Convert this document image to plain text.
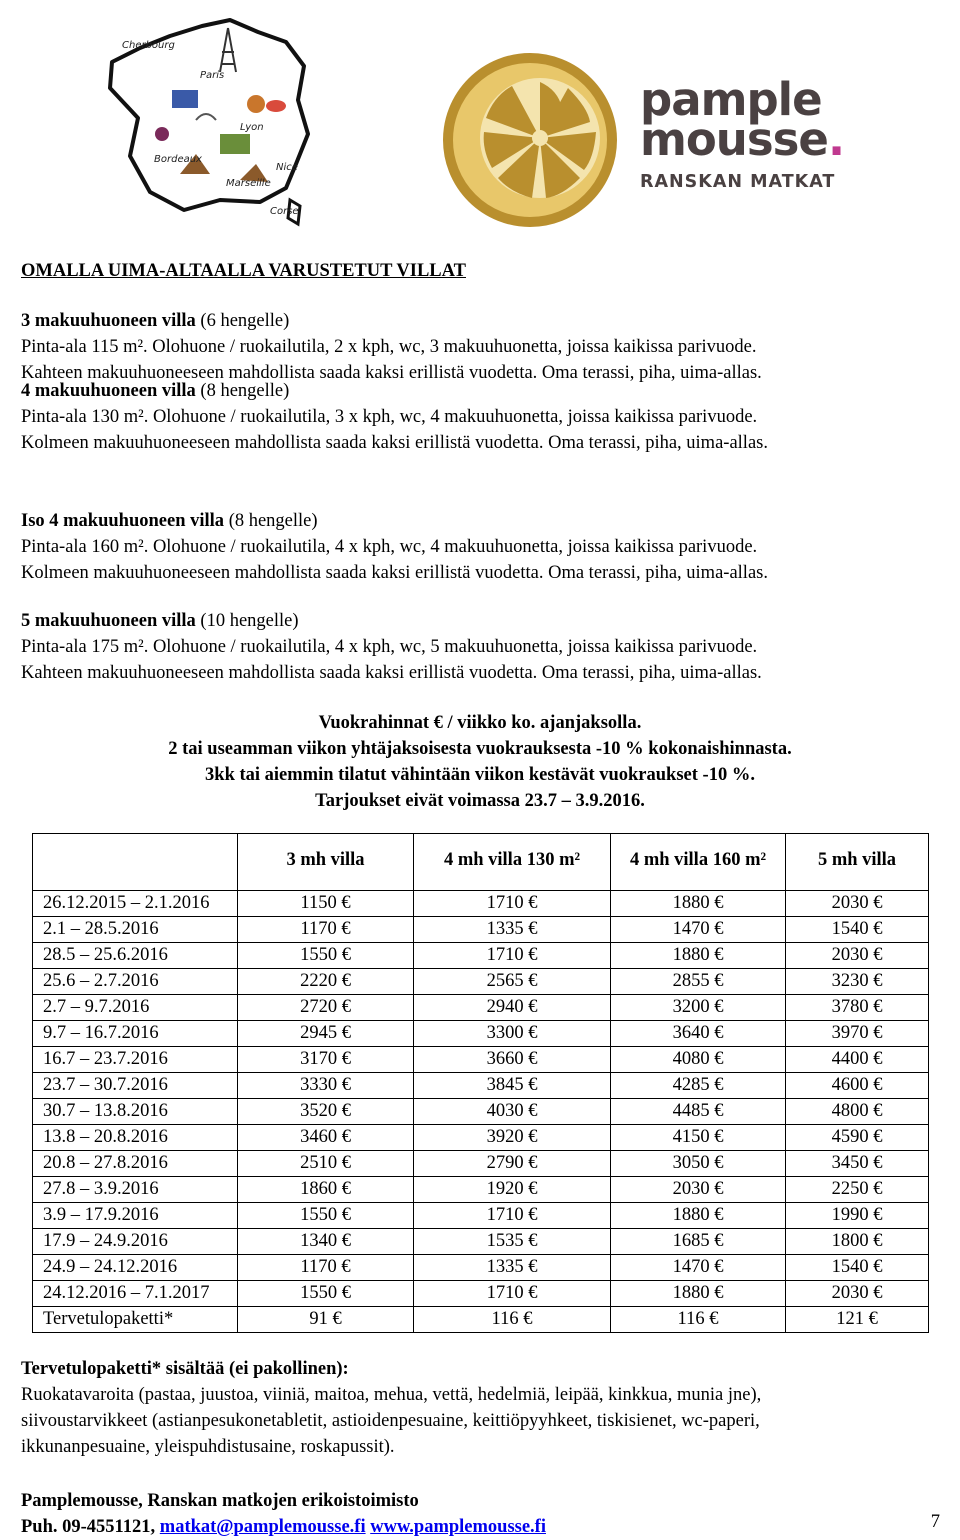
Cherbourg
Paris
Lyon
Bordeaux
Nice
Marseille
Corse
pample
mousse.
RANSKAN MATKAT
OMALLA UIMA-ALTAALLA VARUSTETUT VILLAT
3 makuuhuoneen villa (6 hengelle)
Pinta-ala 115 m². Olohuone / ruokailutila, 2 x kph, wc, 3 makuuhuonetta, joissa kaikissa parivuode.
Kahteen makuuhuoneeseen mahdollista saada kaksi erillistä vuodetta. Oma terassi, piha, uima-allas.
4 makuuhuoneen villa (8 hengelle)
Pinta-ala 130 m². Olohuone / ruokailutila, 3 x kph, wc, 4 makuuhuonetta, joissa kaikissa parivuode.
Kolmeen makuuhuoneeseen mahdollista saada kaksi erillistä vuodetta. Oma terassi, piha, uima-allas.
Iso 4 makuuhuoneen villa (8 hengelle)
Pinta-ala 160 m². Olohuone / ruokailutila, 4 x kph, wc, 4 makuuhuonetta, joissa kaikissa parivuode.
Kolmeen makuuhuoneeseen mahdollista saada kaksi erillistä vuodetta. Oma terassi, piha, uima-allas.
5 makuuhuoneen villa (10 hengelle)
Pinta-ala 175 m². Olohuone / ruokailutila, 4 x kph, wc, 5 makuuhuonetta, joissa kaikissa parivuode.
Kahteen makuuhuoneeseen mahdollista saada kaksi erillistä vuodetta. Oma terassi, piha, uima-allas.
Vuokrahinnat € / viikko ko. ajanjaksolla.
2 tai useamman viikon yhtäjaksoisesta vuokrauksesta -10 % kokonaishinnasta.
3kk tai aiemmin tilatut vähintään viikon kestävät vuokraukset -10 %.
Tarjoukset eivät voimassa 23.7 – 3.9.2016.
	3 mh villa	4 mh villa 130 m²	4 mh villa 160 m²	5 mh villa
26.12.2015 – 2.1.2016	1150 €	1710 €	1880 €	2030 €
2.1 – 28.5.2016	1170 €	1335 €	1470 €	1540 €
28.5 – 25.6.2016	1550 €	1710 €	1880 €	2030 €
25.6 – 2.7.2016	2220 €	2565 €	2855 €	3230 €
2.7 – 9.7.2016	2720 €	2940 €	3200 €	3780 €
9.7 – 16.7.2016	2945 €	3300 €	3640 €	3970 €
16.7 – 23.7.2016	3170 €	3660 €	4080 €	4400 €
23.7 – 30.7.2016	3330 €	3845 €	4285 €	4600 €
30.7 – 13.8.2016	3520 €	4030 €	4485 €	4800 €
13.8 – 20.8.2016	3460 €	3920 €	4150 €	4590 €
20.8 – 27.8.2016	2510 €	2790 €	3050 €	3450 €
27.8 – 3.9.2016	1860 €	1920 €	2030 €	2250 €
3.9 – 17.9.2016	1550 €	1710 €	1880 €	1990 €
17.9 – 24.9.2016	1340 €	1535 €	1685 €	1800 €
24.9 – 24.12.2016	1170 €	1335 €	1470 €	1540 €
24.12.2016 – 7.1.2017	1550 €	1710 €	1880 €	2030 €
Tervetulopaketti*	91 €	116 €	116 €	121 €
Tervetulopaketti* sisältää (ei pakollinen):
Ruokatavaroita (pastaa, juustoa, viiniä, maitoa, mehua, vettä, hedelmiä, leipää, kinkkua, munia jne),
siivoustarvikkeet (astianpesukonetabletit, astioidenpesuaine, keittiöpyyhkeet, tiskisienet, wc-paperi,
ikkunanpesuaine, yleispuhdistusaine, roskapussit).
Pamplemousse, Ranskan matkojen erikoistoimisto
Puh. 09-4551121, matkat@pamplemousse.fi www.pamplemousse.fi	7
